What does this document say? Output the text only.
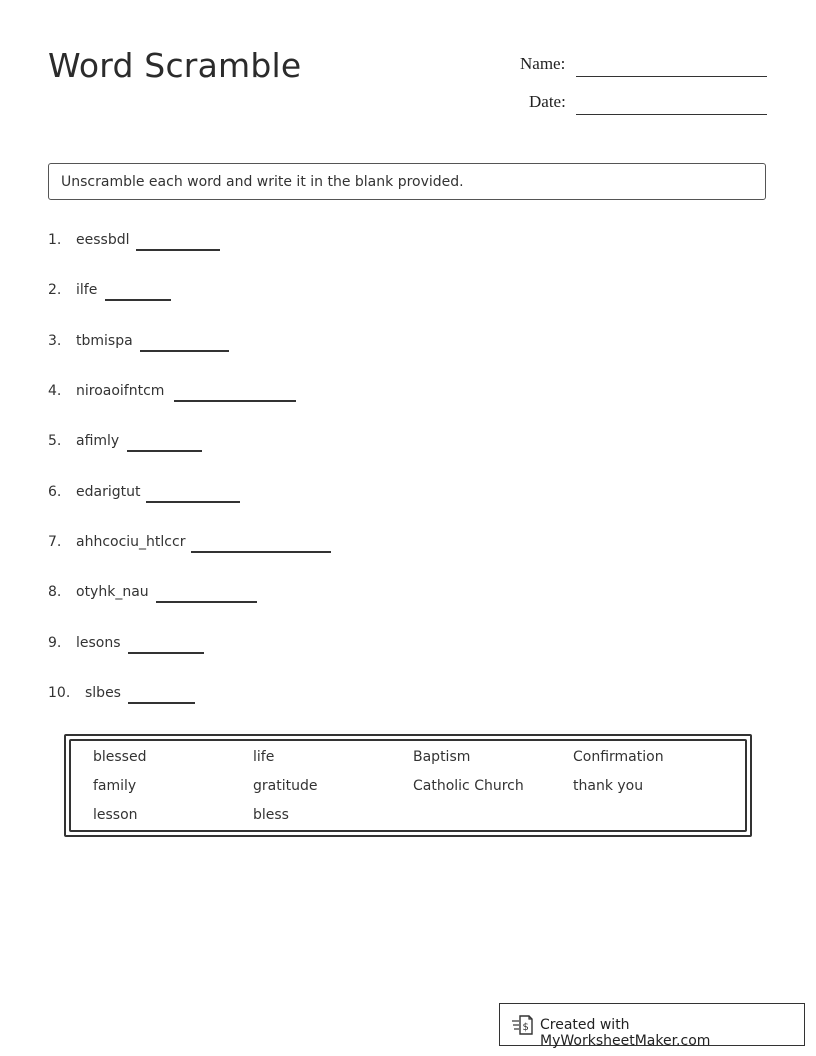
Word Scramble	Name:
Date:
Unscramble each word and write it in the blank provided.
1. eessbdl
2. ilfe
3. tbmispa
4. niroaoifntcm
5. afimly
6. edarigtut
7. ahhcociu_htlccr
8. otyhk_nau
9. lesons
10. slbes
blessed	life	Baptism	Confirmation
family	gratitude	Catholic Church	thank you
lesson	bless
$ Created with MyWorksheetMaker.com
